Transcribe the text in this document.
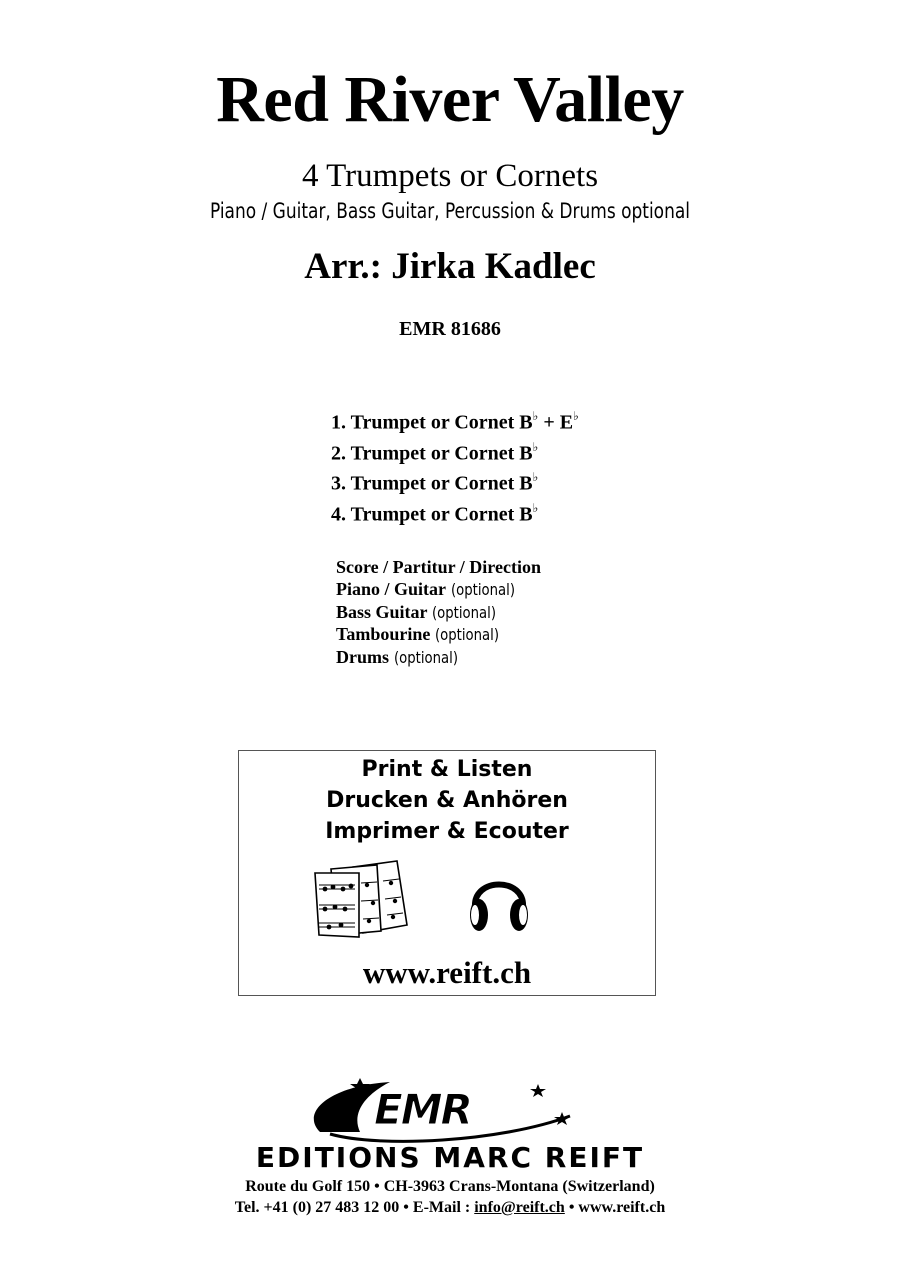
Red River Valley
4 Trumpets or Cornets
Piano / Guitar, Bass Guitar, Percussion & Drums optional
Arr.: Jirka Kadlec
EMR 81686
1. Trumpet or Cornet B♭ + E♭
2. Trumpet or Cornet B♭
3. Trumpet or Cornet B♭
4. Trumpet or Cornet B♭
Score / Partitur / Direction
Piano / Guitar (optional)
Bass Guitar (optional)
Tambourine (optional)
Drums (optional)
Print & Listen
Drucken & Anhören
Imprimer & Ecouter
www.reift.ch
EMR
EDITIONS MARC REIFT
Route du Golf 150 • CH-3963 Crans-Montana (Switzerland)
Tel. +41 (0) 27 483 12 00 • E-Mail : info@reift.ch • www.reift.ch
